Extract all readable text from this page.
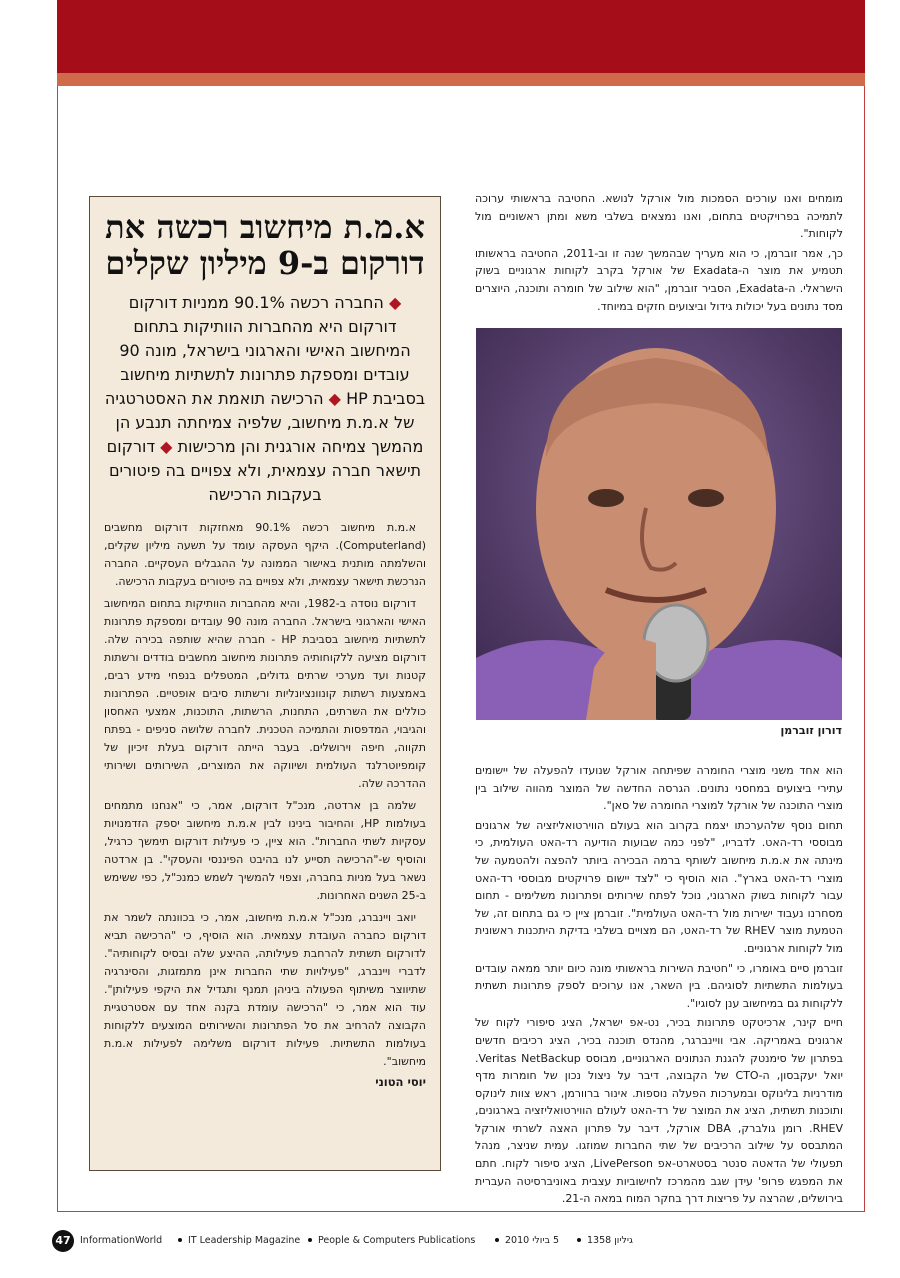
א.מ.ת מיחשוב רכשה את דורקום ב-9 מיליון שקלים
◆ החברה רכשה 90.1% ממניות דורקום דורקום היא מהחברות הוותיקות בתחום המיחשוב האישי והארגוני בישראל, מונה 90 עובדים ומספקת פתרונות לתשתיות מיחשוב בסביבת HP ◆ הרכישה תואמת את האסטרטגיה של א.מ.ת מיחשוב, שלפיה צמיחתה תנבע הן מהמשך צמיחה אורגנית והן מרכישות ◆ דורקום תישאר חברה עצמאית, ולא צפויים בה פיטורים בעקבות הרכישה

א.מ.ת מיחשוב רכשה 90.1% מאחזקות דורקום מחשבים (Computerland). היקף העסקה עומד על תשעה מיליון שקלים, והשלמתה מותנית באישור הממונה על ההגבלים העסקיים. החברה הנרכשת תישאר עצמאית, ולא צפויים בה פיטורים בעקבות הרכישה.

דורקום נוסדה ב-1982, והיא מהחברות הוותיקות בתחום המיחשוב האישי והארגוני בישראל. החברה מונה 90 עובדים ומספקת פתרונות לתשתיות מיחשוב בסביבת HP - חברה שהיא שותפה בכירה שלה. דורקום מציעה ללקוחותיה פתרונות מיחשוב מחשבים בודדים ורשתות קטנות ועד מערכי שרתים גדולים, המטפלים בנפחי מידע רבים, באמצעות רשתות קונוונציונליות ורשתות סיבים אופטיים. הפתרונות כוללים את השרתים, התחנות, הרשתות, התוכנות, אמצעי האחסון והגיבוי, המדפסות והתמיכה הטכנית. לחברה שלושה סניפים - בפתח תקווה, חיפה וירושלים. בעבר הייתה דורקום בעלת זיכיון של קומפיוטרלנד העולמית ושיווקה את המוצרים, השירותים ושירותי ההדרכה שלה.

שלמה בן ארדטה, מנכ"ל דורקום, אמר, כי "אנחנו מתמחים בעולמות HP, והחיבור בינינו לבין א.מ.ת מיחשוב יספק הזדמנויות עסקיות לשתי החברות". הוא ציין, כי פעילות דורקום תימשך כרגיל, והוסיף ש-"הרכישה תסייע לנו בהיבט הפיננסי והעסקי". בן ארדטה נשאר בעל מניות בחברה, וצפוי להמשיך לשמש כמנכ"ל, כפי ששימש ב-25 השנים האחרונות.

יואב ויינברג, מנכ"ל א.מ.ת מיחשוב, אמר, כי בכוונתה לשמר את דורקום כחברה העובדת עצמאית. הוא הוסיף, כי "הרכישה תביא לדורקום תשתית להרחבת פעילותה, ההיצע שלה ובסיס לקוחותיה". לדברי ויינברג, "פעילויות שתי החברות אינן מתמזגות, והסינרגיה שתיווצר משיתוף הפעולה ביניהן תמנף ותגדיל את היקפי פעילותן". עוד הוא אמר, כי "הרכישה עומדת בקנה אחד עם אסטרטגיית הקבוצה להרחיב את סל הפתרונות והשירותים המוצעים ללקוחות בעולמות התשתיות. פעילות דורקום משלימה לפעילות א.מ.ת מיחשוב".

יוסי הטוני

מומחים ואנו עורכים הסמכות מול אורקל לנושא. החטיבה בראשותי ערוכה לתמיכה בפרויקטים בתחום, ואנו נמצאים בשלבי משא ומתן ראשוניים מול לקוחות".

כך, אמר זוברמן, כי הוא מעריך שבהמשך שנה זו וב-2011, החטיבה בראשותו תטמיע את מוצר ה-Exadata של אורקל בקרב לקוחות ארגוניים בשוק הישראלי. ה-Exadata, הסביר זוברמן, "הוא שילוב של חומרה ותוכנה, היוצרים מסד נתונים בעל יכולות גידול וביצועים חזקים במיוחד.

דורון זוברמן

הוא אחד משני מוצרי החומרה שפיתחה אורקל שנועדו להפעלה של יישומים עתירי ביצועים במחסני נתונים. הגרסה החדשה של המוצר מהווה שילוב בין מוצרי התוכנה של אורקל למוצרי החומרה של סאן".

תחום נוסף שלהערכתו יצמח בקרוב הוא בעולם הווירטואליזציה של ארגונים מבוססי רד-האט. לדבריו, "לפני כמה שבועות הודיעה רד-האט העולמית, כי מינתה את א.מ.ת מיחשוב לשותף ברמה הבכירה ביותר להפצה ולהטמעה של מוצרי רד-האט בארץ". הוא הוסיף כי "לצד יישום פרויקטים מבוססי רד-האט עבור לקוחות בשוק הארגוני, נוכל לפתח שירותים ופתרונות משלימים - תחום מסחרנו נעבוד ישירות מול רד-האט העולמית". זוברמן ציין כי גם בתחום זה, של הטמעת מוצר RHEV של רד-האט, הם מצויים בשלבי בדיקת היתכנות ראשונית מול לקוחות ארגוניים.

זוברמן סיים באומרו, כי "חטיבת השירות בראשותי מונה כיום יותר ממאה עובדים בעולמות התשתיות לסוגיהם. בין השאר, אנו ערוכים לספק פתרונות תשתית ללקוחות גם במיחשוב ענן לסוגיו".

חיים קינר, ארכיטקט פתרונות בכיר, נט-אפ ישראל, הציג סיפורי לקוח של ארגונים באמריקה. אבי וויינברגר, מהנדס תוכנה בכיר, הציג רכיבים חדשים בפתרון של סימנטק להגנת הנתונים הארגוניים, מבוסס Veritas NetBackup. יואל יעקבסון, ה-CTO של הקבוצה, דיבר על ניצול נכון של חומרות מדף מודרניות בלינוקס ובמערכות הפעלה נוספות. אינור ברוורמן, ראש צוות לינוקס ותוכנות תשתית, הציג את המוצר של רד-האט לעולם הווירטואליזציה בארגונים, RHEV. רומן גולברק, DBA אורקל, דיבר על פתרון האצה לשרתי אורקל המתבסס על שילוב הרכיבים של שתי החברות שמוזגו. עמית שניצר, מנהל תפעולי של הדאטה סנטר בסטארט-אפ LivePerson, הציג סיפור לקוח. חתם את המפגש פרופ' עידן שגב מהמרכז לחישוביות עצבית באוניברסיטה העברית בירושלים, שהרצה על פריצות דרך בחקר המוח במאה ה-21.

47 InformationWorld	IT Leadership Magazine People & Computers Publications	5 ביולי 2010	גיליון 1358
